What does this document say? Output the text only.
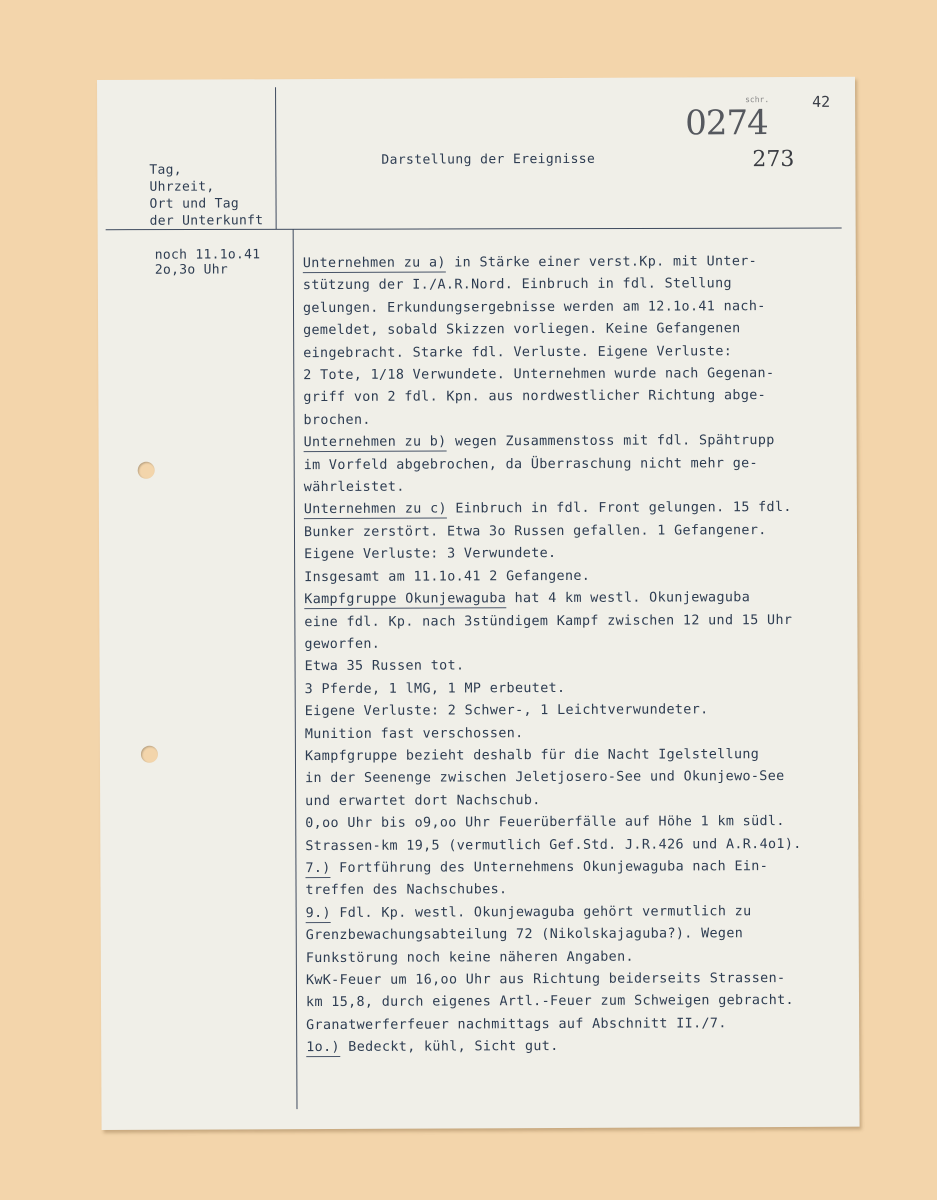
Tag,
Uhrzeit,
Ort und Tag
der Unterkunft
Darstellung der Ereignisse
0274
schr.
273
42
noch 11.1o.41
2o,3o Uhr	Unternehmen zu a) in Stärke einer verst.Kp. mit Unter-
stützung der I./A.R.Nord. Einbruch in fdl. Stellung
gelungen. Erkundungsergebnisse werden am 12.1o.41 nach-
gemeldet, sobald Skizzen vorliegen. Keine Gefangenen
eingebracht. Starke fdl. Verluste. Eigene Verluste:
2 Tote, 1/18 Verwundete. Unternehmen wurde nach Gegenan-
griff von 2 fdl. Kpn. aus nordwestlicher Richtung abge-
brochen.
Unternehmen zu b) wegen Zusammenstoss mit fdl. Spähtrupp
im Vorfeld abgebrochen, da Überraschung nicht mehr ge-
währleistet.
Unternehmen zu c) Einbruch in fdl. Front gelungen. 15 fdl.
Bunker zerstört. Etwa 3o Russen gefallen. 1 Gefangener.
Eigene Verluste: 3 Verwundete.
Insgesamt am 11.1o.41 2 Gefangene.
Kampfgruppe Okunjewaguba hat 4 km westl. Okunjewaguba
eine fdl. Kp. nach 3stündigem Kampf zwischen 12 und 15 Uhr
geworfen.
Etwa 35 Russen tot.
3 Pferde, 1 lMG, 1 MP erbeutet.
Eigene Verluste: 2 Schwer-, 1 Leichtverwundeter.
Munition fast verschossen.
Kampfgruppe bezieht deshalb für die Nacht Igelstellung
in der Seenenge zwischen Jeletjosero-See und Okunjewo-See
und erwartet dort Nachschub.
0,oo Uhr bis o9,oo Uhr Feuerüberfälle auf Höhe 1 km südl.
Strassen-km 19,5 (vermutlich Gef.Std. J.R.426 und A.R.4o1).
7.) Fortführung des Unternehmens Okunjewaguba nach Ein-
treffen des Nachschubes.
9.) Fdl. Kp. westl. Okunjewaguba gehört vermutlich zu
Grenzbewachungsabteilung 72 (Nikolskajaguba?). Wegen
Funkstörung noch keine näheren Angaben.
KwK-Feuer um 16,oo Uhr aus Richtung beiderseits Strassen-
km 15,8, durch eigenes Artl.-Feuer zum Schweigen gebracht.
Granatwerferfeuer nachmittags auf Abschnitt II./7.
1o.) Bedeckt, kühl, Sicht gut.
